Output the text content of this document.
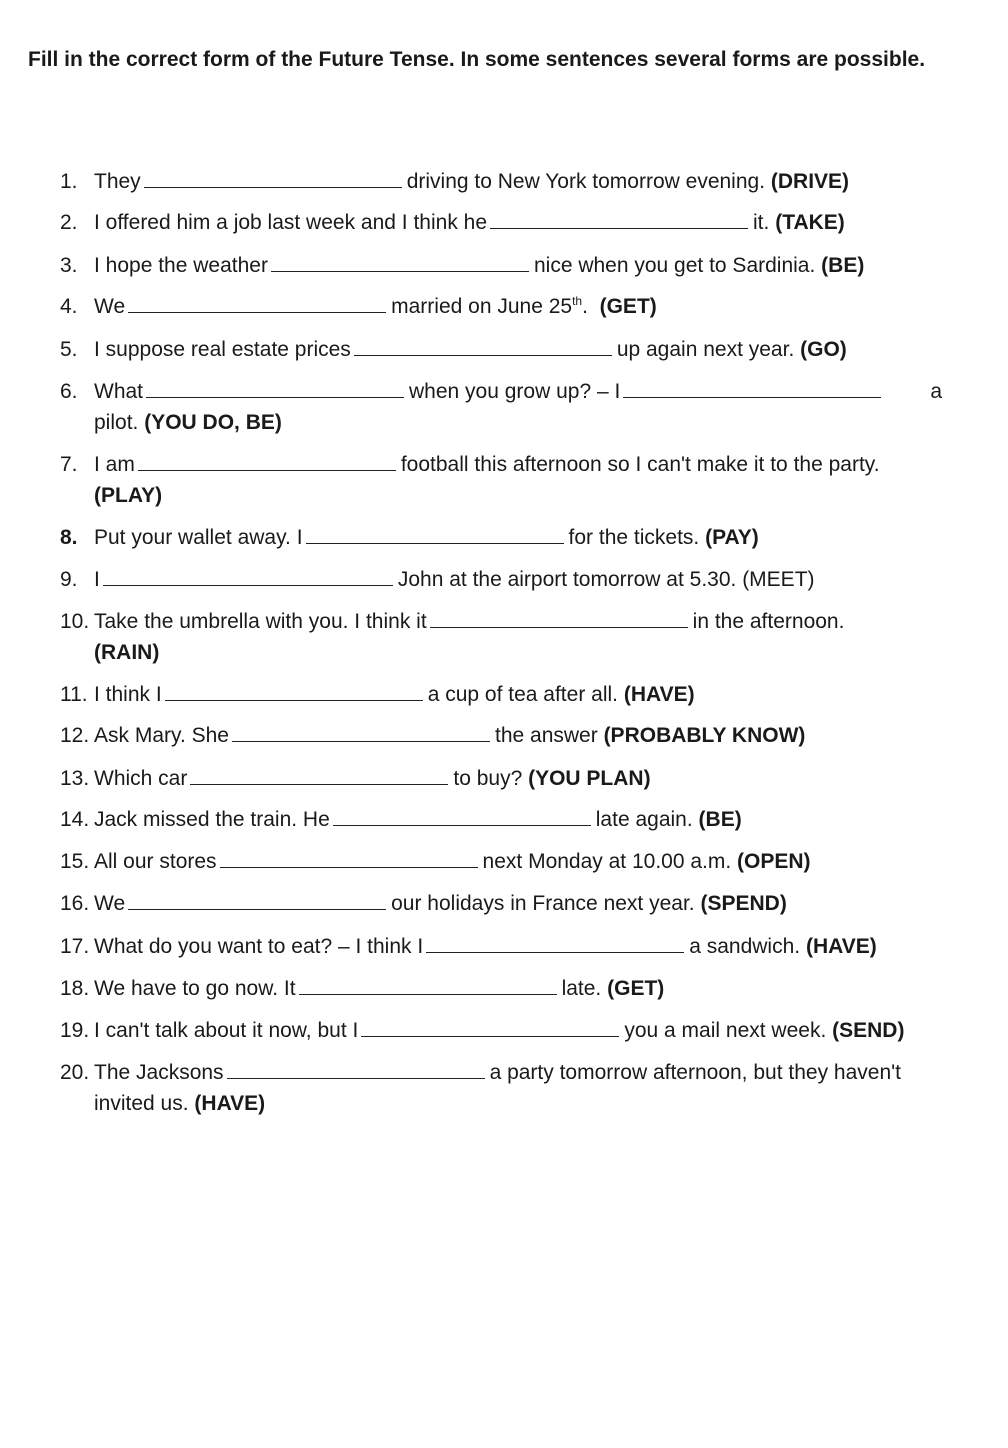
Fill in the correct form of the Future Tense. In some sentences several forms are possible.
1. They	driving to New York tomorrow evening. (DRIVE)
2. I offered him a job last week and I think he	it. (TAKE)
3. I hope the weather	nice when you get to Sardinia. (BE)
4. We	married on June 25th. (GET)
5. I suppose real estate prices	up again next year. (GO)
6. What	when you grow up? – I	a
pilot. (YOU DO, BE)
7. I am	football this afternoon so I can't make it to the party.
(PLAY)
8. Put your wallet away. I	for the tickets. (PAY)
9. I	John at the airport tomorrow at 5.30. (MEET)
10. Take the umbrella with you. I think it	in the afternoon.
(RAIN)
11. I think I	a cup of tea after all. (HAVE)
12. Ask Mary. She	the answer (PROBABLY KNOW)
13. Which car	to buy? (YOU PLAN)
14. Jack missed the train. He	late again. (BE)
15. All our stores	next Monday at 10.00 a.m. (OPEN)
16. We	our holidays in France next year. (SPEND)
17. What do you want to eat? – I think I	a sandwich. (HAVE)
18. We have to go now. It	late. (GET)
19. I can't talk about it now, but I	you a mail next week. (SEND)
20. The Jacksons	a party tomorrow afternoon, but they haven't
invited us. (HAVE)
